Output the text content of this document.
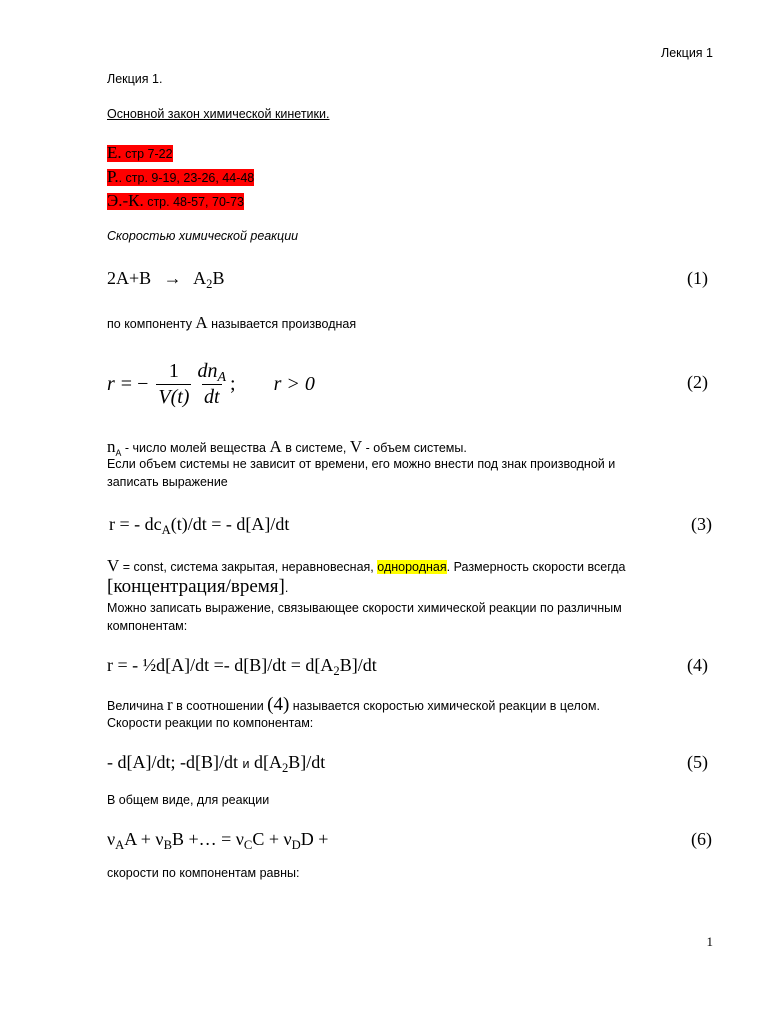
Лекция 1
Лекция 1.
Основной закон химической кинетики.
Е. стр 7-22
Р.. стр. 9-19, 23-26, 44-48
Э.-К. стр. 48-57, 70-73
Скоростью химической реакции
$2A+B \to A_2B$	(1)
по компоненту A называется производная
r = − $\frac{1}{V(t)} \frac{dn_A}{dt}$ ; r > 0	(2)
$n_A$ - число молей вещества A в системе, V - объем системы.
Если объем системы не зависит от времени, его можно внести под знак производной и
записать выражение
r = - $dc_A(t)/dt$ = - d[A]/dt	(3)
V = const, система закрытая, неравновесная, однородная. Размерность скорости всегда
[концентрация/время].
Можно записать выражение, связывающее скорости химической реакции по различным
компонентам:
r = - ½d[A]/dt =- $d[B]/dt = d[A_2B]/dt$	(4)
Величина r в соотношении (4) называется скоростью химической реакции в целом.
Скорости реакции по компонентам:
- d[A]/dt; -d[B]/dt и $d[A_2B]/dt$	(5)
В общем виде, для реакции
$\nu_AA + \nu_BB$ +… = $\nu_CC + \nu_DD$ +	(6)
скорости по компонентам равны:
1
